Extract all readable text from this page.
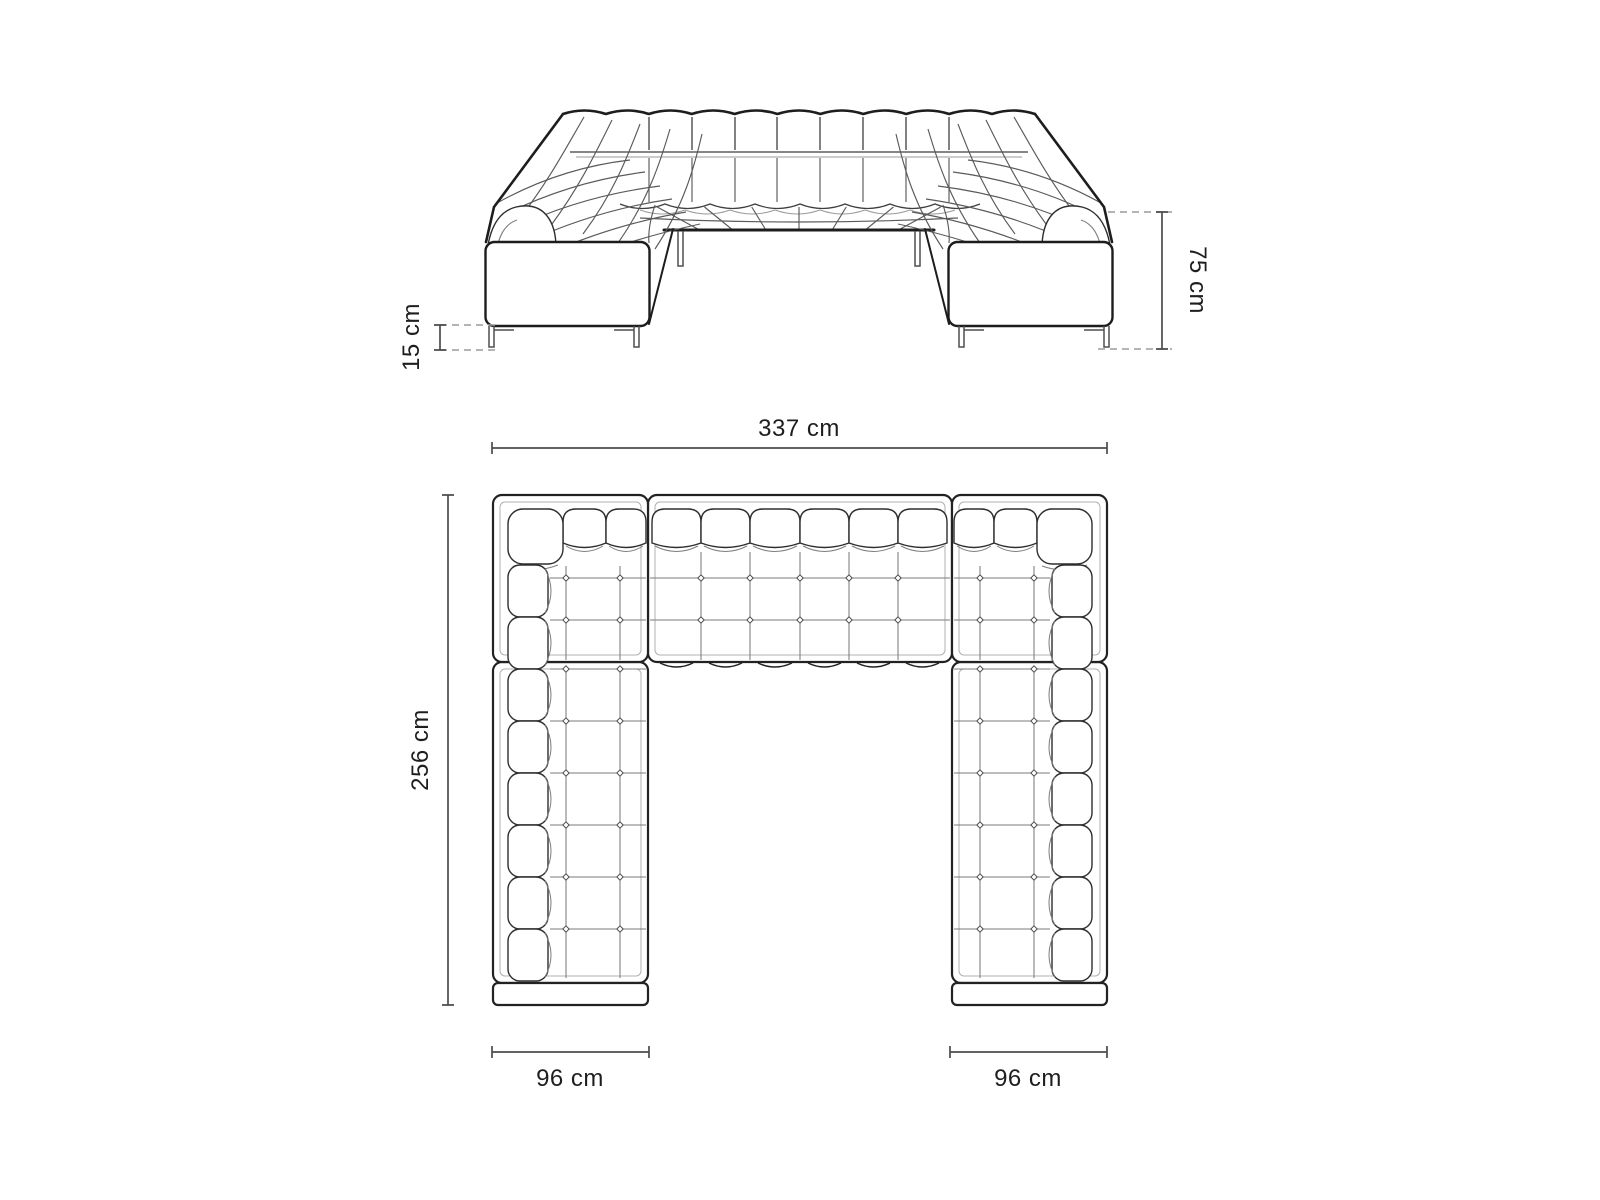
337 cm
256 cm
96 cm	96 cm
75 cm
15 cm
